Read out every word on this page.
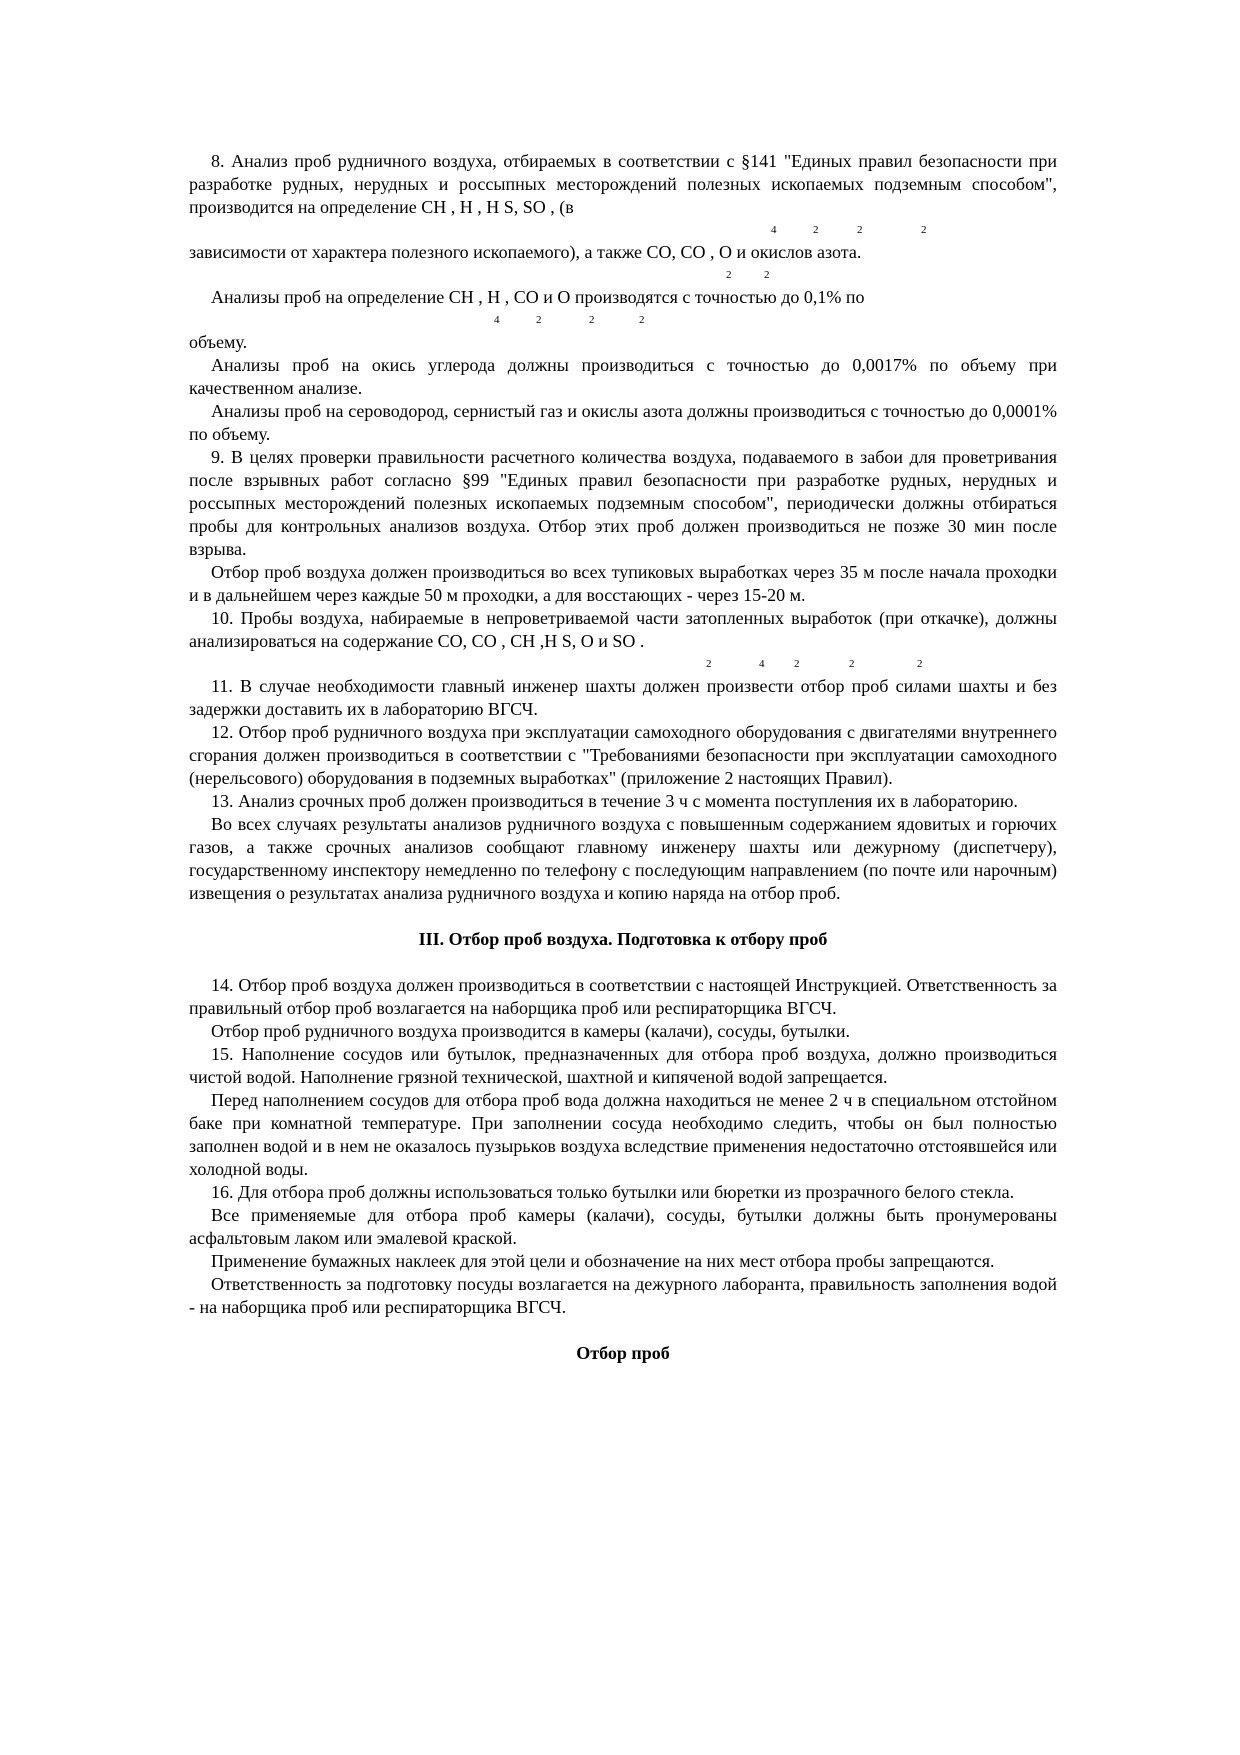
8. Анализ проб рудничного воздуха, отбираемых в соответствии с §141 "Единых правил безопасности при разработке рудных, нерудных и россыпных месторождений полезных ископаемых подземным способом", производится на определение CH , H , H S, SO , (в

4	2	2	2

зависимости от характера полезного ископаемого), а также CO, CO , O и окислов азота.

2	2

Анализы проб на определение CH , H , CO и O производятся с точностью до 0,1% по

4	2	2	2

объему.

Анализы проб на окись углерода должны производиться с точностью до 0,0017% по объему при качественном анализе.

Анализы проб на сероводород, сернистый газ и окислы азота должны производиться с точностью до 0,0001% по объему.

9. В целях проверки правильности расчетного количества воздуха, подаваемого в забои для проветривания после взрывных работ согласно §99 "Единых правил безопасности при разработке рудных, нерудных и россыпных месторождений полезных ископаемых подземным способом", периодически должны отбираться пробы для контрольных анализов воздуха. Отбор этих проб должен производиться не позже 30 мин после взрыва.

Отбор проб воздуха должен производиться во всех тупиковых выработках через 35 м после начала проходки и в дальнейшем через каждые 50 м проходки, а для восстающих - через 15-20 м.

10. Пробы воздуха, набираемые в непроветриваемой части затопленных выработок (при откачке), должны анализироваться на содержание CO, CO , CH ,H S, O и SO .

2	4	2	2	2

11. В случае необходимости главный инженер шахты должен произвести отбор проб силами шахты и без задержки доставить их в лабораторию ВГСЧ.

12. Отбор проб рудничного воздуха при эксплуатации самоходного оборудования с двигателями внутреннего сгорания должен производиться в соответствии с "Требованиями безопасности при эксплуатации самоходного (нерельсового) оборудования в подземных выработках" (приложение 2 настоящих Правил).

13. Анализ срочных проб должен производиться в течение 3 ч с момента поступления их в лабораторию.

Во всех случаях результаты анализов рудничного воздуха с повышенным содержанием ядовитых и горючих газов, а также срочных анализов сообщают главному инженеру шахты или дежурному (диспетчеру), государственному инспектору немедленно по телефону с последующим направлением (по почте или нарочным) извещения о результатах анализа рудничного воздуха и копию наряда на отбор проб.

III. Отбор проб воздуха. Подготовка к отбору проб

14. Отбор проб воздуха должен производиться в соответствии с настоящей Инструкцией. Ответственность за правильный отбор проб возлагается на наборщика проб или респираторщика ВГСЧ.

Отбор проб рудничного воздуха производится в камеры (калачи), сосуды, бутылки.

15. Наполнение сосудов или бутылок, предназначенных для отбора проб воздуха, должно производиться чистой водой. Наполнение грязной технической, шахтной и кипяченой водой запрещается.

Перед наполнением сосудов для отбора проб вода должна находиться не менее 2 ч в специальном отстойном баке при комнатной температуре. При заполнении сосуда необходимо следить, чтобы он был полностью заполнен водой и в нем не оказалось пузырьков воздуха вследствие применения недостаточно отстоявшейся или холодной воды.

16. Для отбора проб должны использоваться только бутылки или бюретки из прозрачного белого стекла.

Все применяемые для отбора проб камеры (калачи), сосуды, бутылки должны быть пронумерованы асфальтовым лаком или эмалевой краской.

Применение бумажных наклеек для этой цели и обозначение на них мест отбора пробы запрещаются.

Ответственность за подготовку посуды возлагается на дежурного лаборанта, правильность заполнения водой - на наборщика проб или респираторщика ВГСЧ.

Отбор проб
